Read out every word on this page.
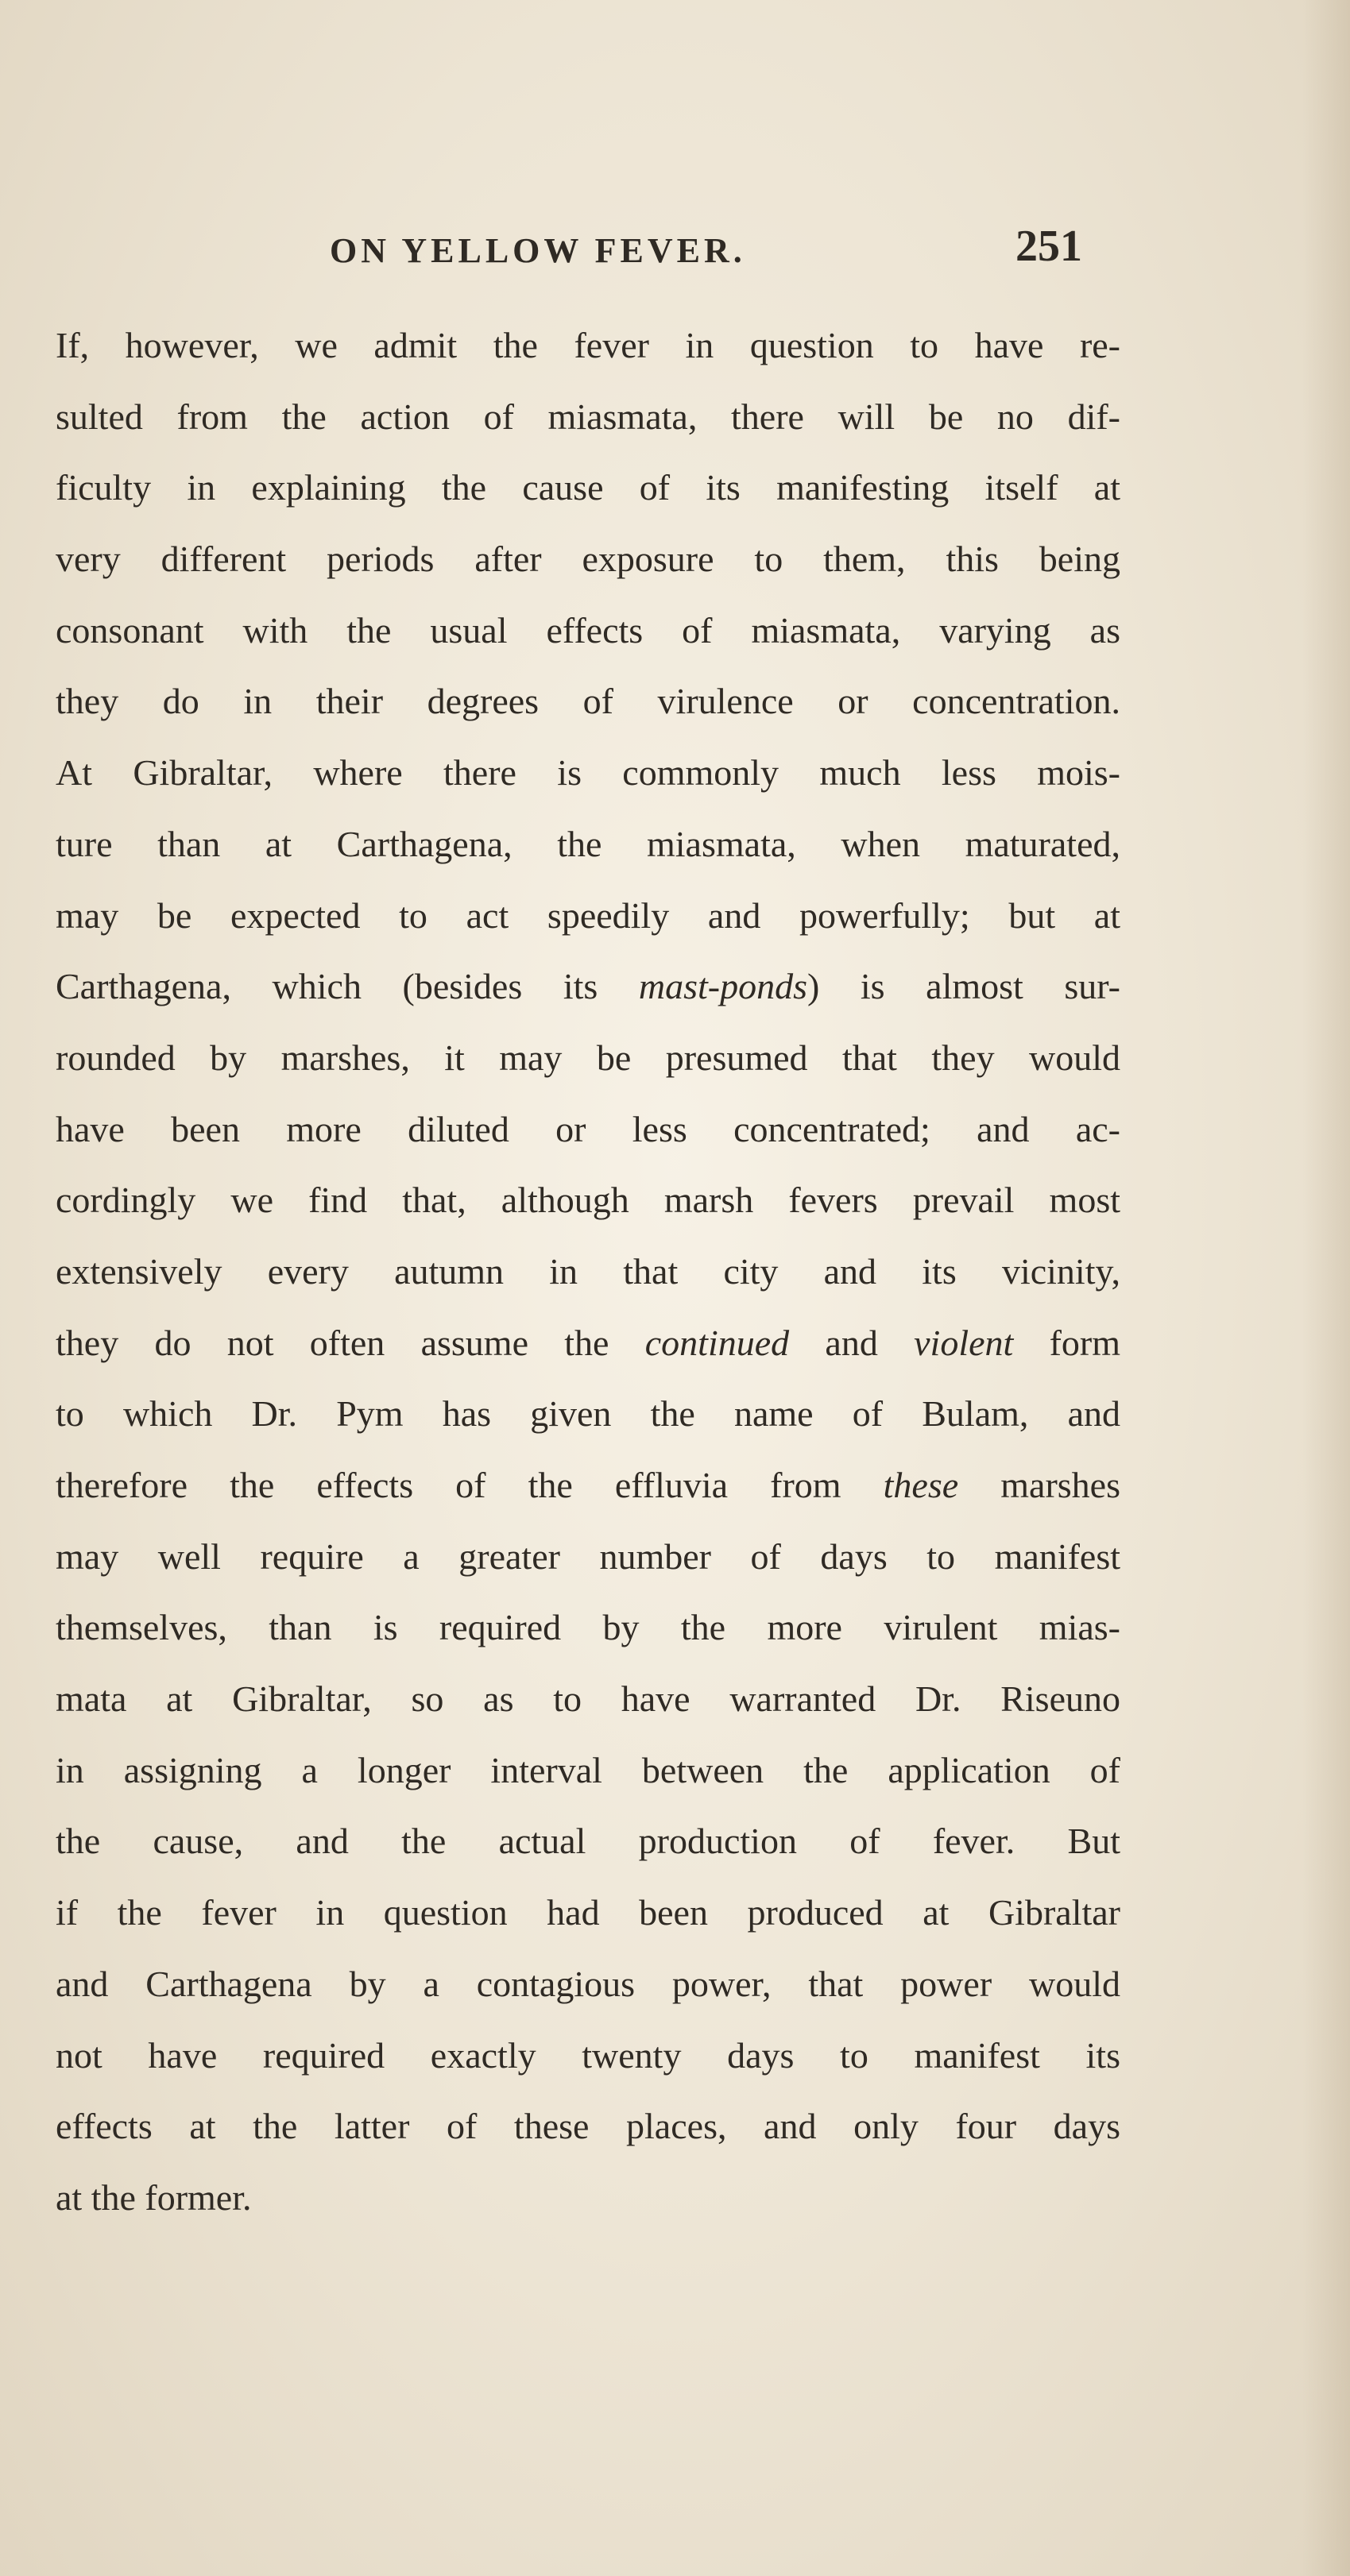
ON YELLOW FEVER.	251
If, however, we admit the fever in question to have re-
sulted from the action of miasmata, there will be no dif-
ficulty in explaining the cause of its manifesting itself at
very different periods after exposure to them, this being
consonant with the usual effects of miasmata, varying as
they do in their degrees of virulence or concentration.
At Gibraltar, where there is commonly much less mois-
ture than at Carthagena, the miasmata, when maturated,
may be expected to act speedily and powerfully; but at
Carthagena, which (besides its mast-ponds) is almost sur-
rounded by marshes, it may be presumed that they would
have been more diluted or less concentrated; and ac-
cordingly we find that, although marsh fevers prevail most
extensively every autumn in that city and its vicinity,
they do not often assume the continued and violent form
to which Dr. Pym has given the name of Bulam, and
therefore the effects of the effluvia from these marshes
may well require a greater number of days to manifest
themselves, than is required by the more virulent mias-
mata at Gibraltar, so as to have warranted Dr. Riseuno
in assigning a longer interval between the application of
the cause, and the actual production of fever. But
if the fever in question had been produced at Gibraltar
and Carthagena by a contagious power, that power would
not have required exactly twenty days to manifest its
effects at the latter of these places, and only four days
at the former.
